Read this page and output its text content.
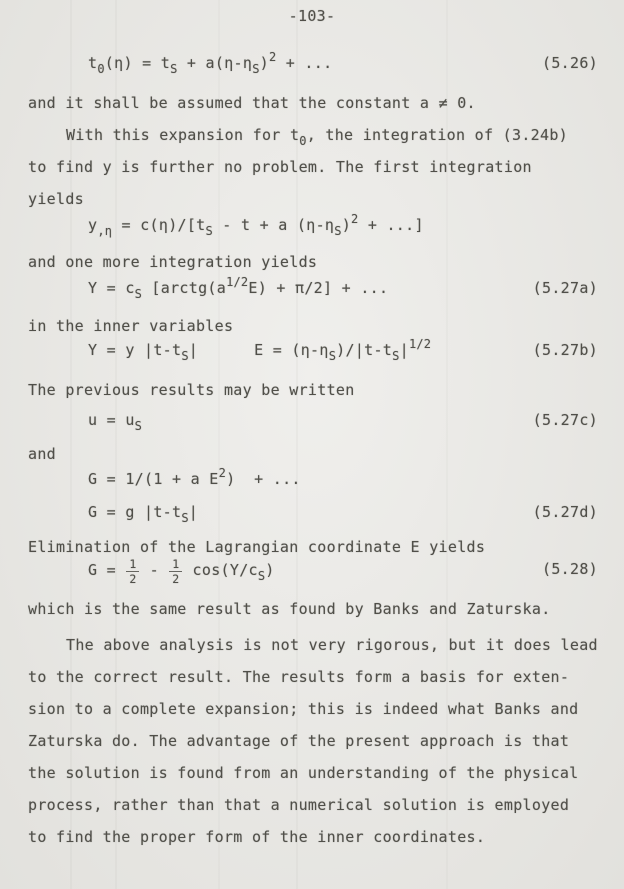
-103-
$t_0(\eta) = t_S + a(\eta-\eta_S)^2$ + ...	(5.26)
and it shall be assumed that the constant a ≠ 0.
With this expansion for $t_0$, the integration of (3.24b)
to find y is further no problem. The first integration
yields
$y_{,\eta} = c(\eta)/[t_S - t + a$ $(\eta-\eta_S)^2$ + ...]
and one more integration yields
$Y = c_S$ $[arctg(a^{1/2}E) + \pi/2]$ + ...	(5.27a)
in the inner variables
Y = y $|t-t_S|$      $E = (\eta-\eta_S)/|t-t_S|^{1/2}$	(5.27b)
The previous results may be written
$u = u_S$	(5.27c)
and
G = 1/(1 + a $E^2$)  + ...
G = g $|t-t_S|$	(5.27d)
Elimination of the Lagrangian coordinate E yields
$G = \frac{1}{2} - \frac{1}{2} \cos(Y/c_S)$	(5.28)
which is the same result as found by Banks and Zaturska.
The above analysis is not very rigorous, but it does lead
to the correct result. The results form a basis for exten-
sion to a complete expansion; this is indeed what Banks and
Zaturska do. The advantage of the present approach is that
the solution is found from an understanding of the physical
process, rather than that a numerical solution is employed
to find the proper form of the inner coordinates.
